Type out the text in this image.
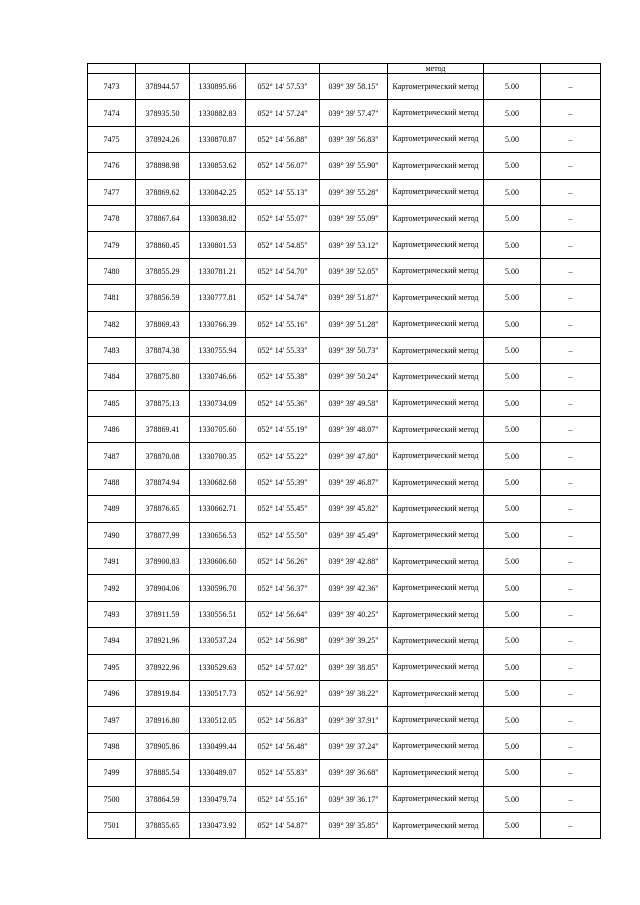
					метод		
7473	378944.57	1330895.66	052° 14' 57.53"	039° 39' 58.15"	Картометрический метод	5.00	–
7474	378935.50	1330882.83	052° 14' 57.24"	039° 39' 57.47"	Картометрический метод	5.00	–
7475	378924.26	1330870.87	052° 14' 56.88"	039° 39' 56.83"	Картометрический метод	5.00	–
7476	378898.98	1330853.62	052° 14' 56.07"	039° 39' 55.90"	Картометрический метод	5.00	–
7477	378869.62	1330842.25	052° 14' 55.13"	039° 39' 55.28"	Картометрический метод	5.00	–
7478	378867.64	1330838.82	052° 14' 55.07"	039° 39' 55.09"	Картометрический метод	5.00	–
7479	378860.45	1330801.53	052° 14' 54.85"	039° 39' 53.12"	Картометрический метод	5.00	–
7480	378855.29	1330781.21	052° 14' 54.70"	039° 39' 52.05"	Картометрический метод	5.00	–
7481	378856.59	1330777.81	052° 14' 54.74"	039° 39' 51.87"	Картометрический метод	5.00	–
7482	378869.43	1330766.39	052° 14' 55.16"	039° 39' 51.28"	Картометрический метод	5.00	–
7483	378874.38	1330755.94	052° 14' 55.33"	039° 39' 50.73"	Картометрический метод	5.00	–
7484	378875.80	1330746.66	052° 14' 55.38"	039° 39' 50.24"	Картометрический метод	5.00	–
7485	378875.13	1330734.09	052° 14' 55.36"	039° 39' 49.58"	Картометрический метод	5.00	–
7486	378869.41	1330705.60	052° 14' 55.19"	039° 39' 48.07"	Картометрический метод	5.00	–
7487	378870.08	1330700.35	052° 14' 55.22"	039° 39' 47.80"	Картометрический метод	5.00	–
7488	378874.94	1330682.68	052° 14' 55.39"	039° 39' 46.87"	Картометрический метод	5.00	–
7489	378876.65	1330662.71	052° 14' 55.45"	039° 39' 45.82"	Картометрический метод	5.00	–
7490	378877.99	1330656.53	052° 14' 55.50"	039° 39' 45.49"	Картометрический метод	5.00	–
7491	378900.83	1330606.60	052° 14' 56.26"	039° 39' 42.88"	Картометрический метод	5.00	–
7492	378904.06	1330596.70	052° 14' 56.37"	039° 39' 42.36"	Картометрический метод	5.00	–
7493	378911.59	1330556.51	052° 14' 56.64"	039° 39' 40.25"	Картометрический метод	5.00	–
7494	378921.96	1330537.24	052° 14' 56.98"	039° 39' 39.25"	Картометрический метод	5.00	–
7495	378922.96	1330529.63	052° 14' 57.02"	039° 39' 38.85"	Картометрический метод	5.00	–
7496	378919.84	1330517.73	052° 14' 56.92"	039° 39' 38.22"	Картометрический метод	5.00	–
7497	378916.80	1330512.05	052° 14' 56.83"	039° 39' 37.91"	Картометрический метод	5.00	–
7498	378905.86	1330499.44	052° 14' 56.48"	039° 39' 37.24"	Картометрический метод	5.00	–
7499	378885.54	1330489.07	052° 14' 55.83"	039° 39' 36.68"	Картометрический метод	5.00	–
7500	378864.59	1330479.74	052° 14' 55.16"	039° 39' 36.17"	Картометрический метод	5.00	–
7501	378855.65	1330473.92	052° 14' 54.87"	039° 39' 35.85"	Картометрический метод	5.00	–
